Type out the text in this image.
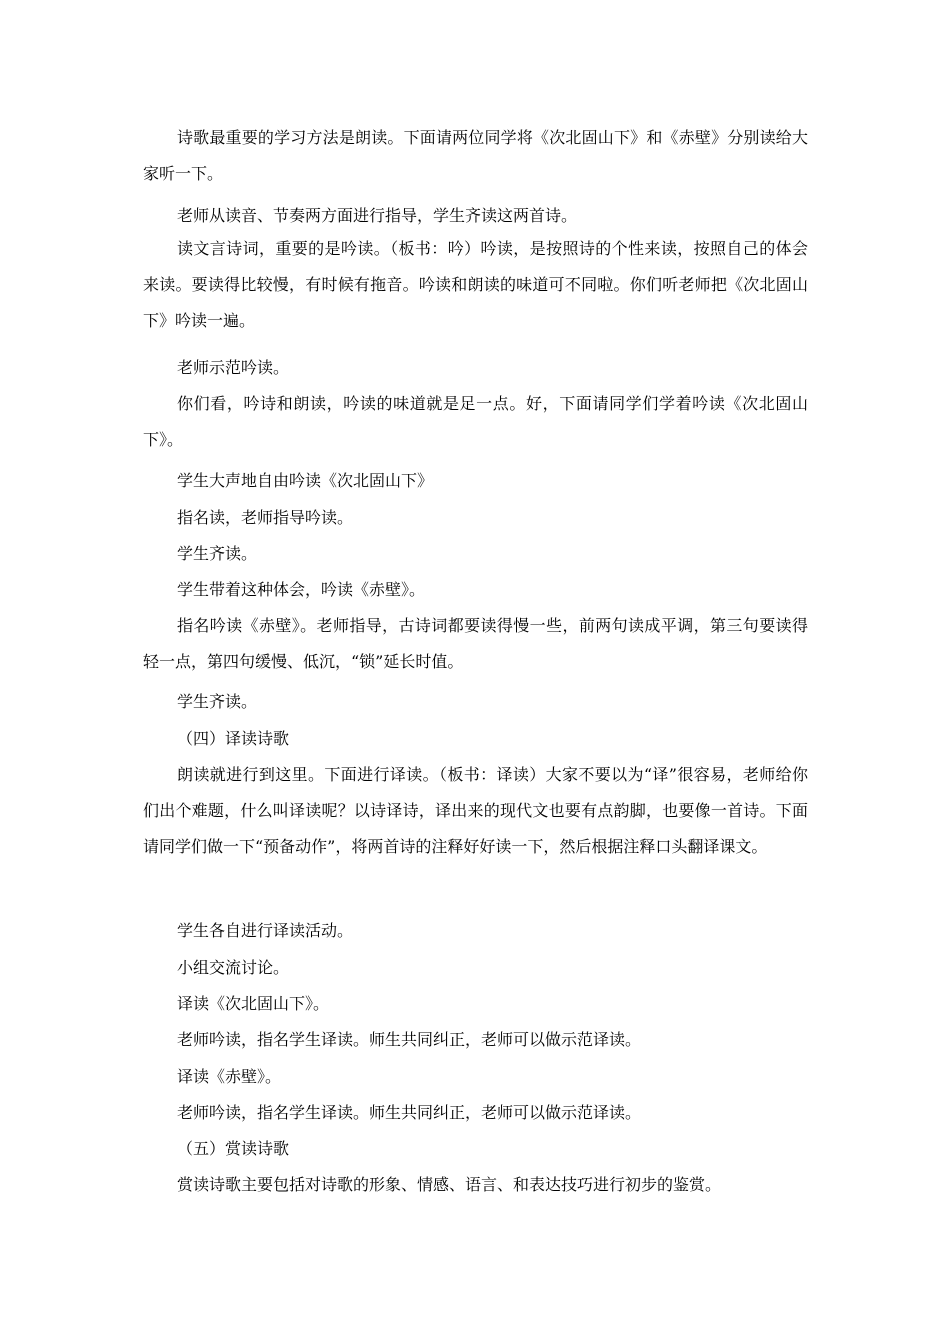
诗歌最重要的学习方法是朗读。下面请两位同学将《次北固山下》和《赤壁》分别读给大家听一下。

老师从读音、节奏两方面进行指导，学生齐读这两首诗。

读文言诗词，重要的是吟读。（板书：吟）吟读，是按照诗的个性来读，按照自己的体会来读。要读得比较慢，有时候有拖音。吟读和朗读的味道可不同啦。你们听老师把《次北固山下》吟读一遍。

老师示范吟读。

你们看，吟诗和朗读，吟读的味道就是足一点。好，下面请同学们学着吟读《次北固山下》。

学生大声地自由吟读《次北固山下》

指名读，老师指导吟读。

学生齐读。

学生带着这种体会，吟读《赤壁》。

指名吟读《赤壁》。老师指导，古诗词都要读得慢一些，前两句读成平调，第三句要读得轻一点，第四句缓慢、低沉，“锁”延长时值。

学生齐读。

（四）译读诗歌

朗读就进行到这里。下面进行译读。（板书：译读）大家不要以为“译”很容易，老师给你们出个难题，什么叫译读呢？以诗译诗，译出来的现代文也要有点韵脚，也要像一首诗。下面请同学们做一下“预备动作”，将两首诗的注释好好读一下，然后根据注释口头翻译课文。

学生各自进行译读活动。

小组交流讨论。

译读《次北固山下》。

老师吟读，指名学生译读。师生共同纠正，老师可以做示范译读。

译读《赤壁》。

老师吟读，指名学生译读。师生共同纠正，老师可以做示范译读。

（五）赏读诗歌

赏读诗歌主要包括对诗歌的形象、情感、语言、和表达技巧进行初步的鉴赏。
